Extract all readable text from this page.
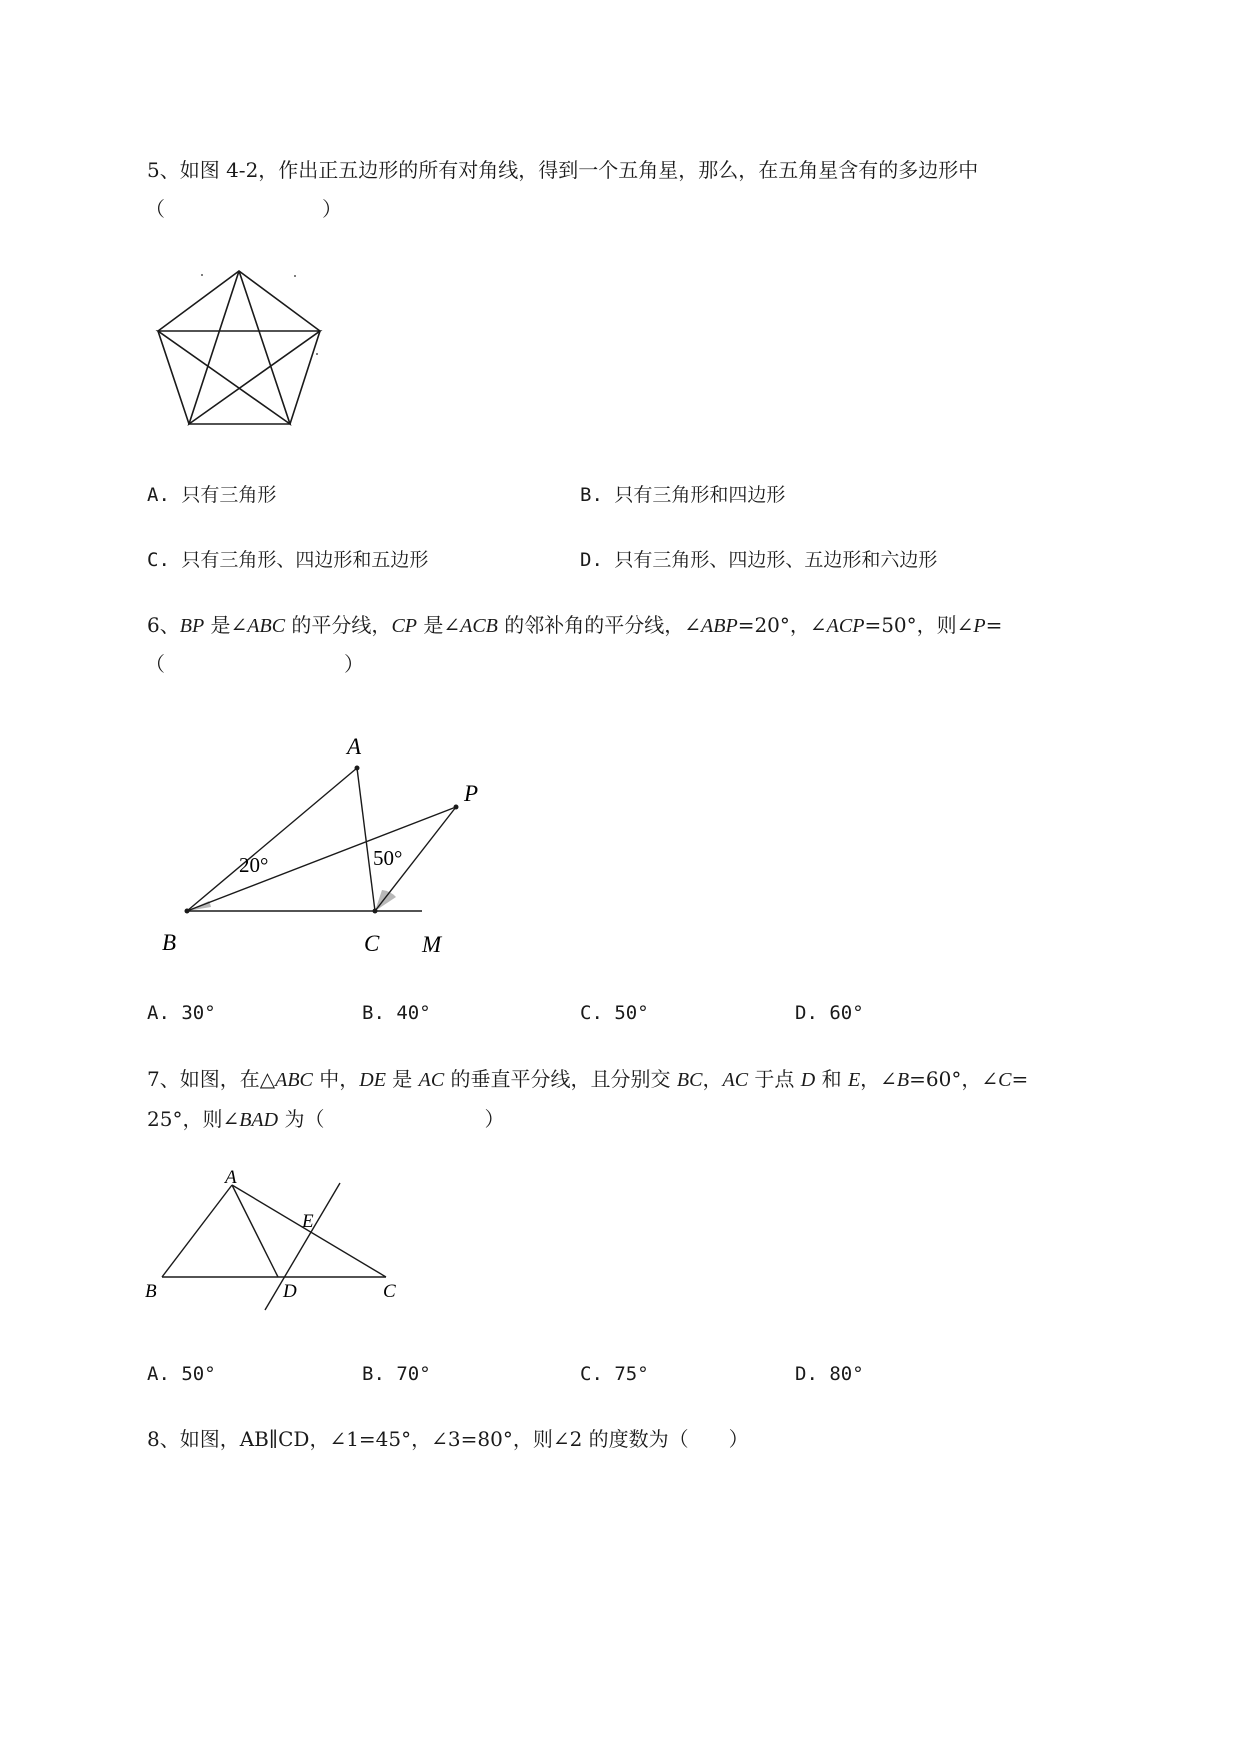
5、如图 4-2，作出正五边形的所有对角线，得到一个五角星，那么，在五角星含有的多边形中
（	）
A. 只有三角形	B. 只有三角形和四边形
C. 只有三角形、四边形和五边形	D. 只有三角形、四边形、五边形和六边形
6、BP 是∠ABC 的平分线，CP 是∠ACB 的邻补角的平分线，∠ABP=20°，∠ACP=50°，则∠P=
（	）
A
P
B	C M
20°	50°
A. 30°	B. 40°	C. 50°	D. 60°
7、如图，在△ABC 中，DE 是 AC 的垂直平分线，且分别交 BC，AC 于点 D 和 E，∠B=60°，∠C=
25°，则∠BAD 为（	）
A
E
B	D	C
A. 50°	B. 70°	C. 75°	D. 80°
8、如图，AB∥CD，∠1=45°，∠3=80°，则∠2 的度数为（　　）
